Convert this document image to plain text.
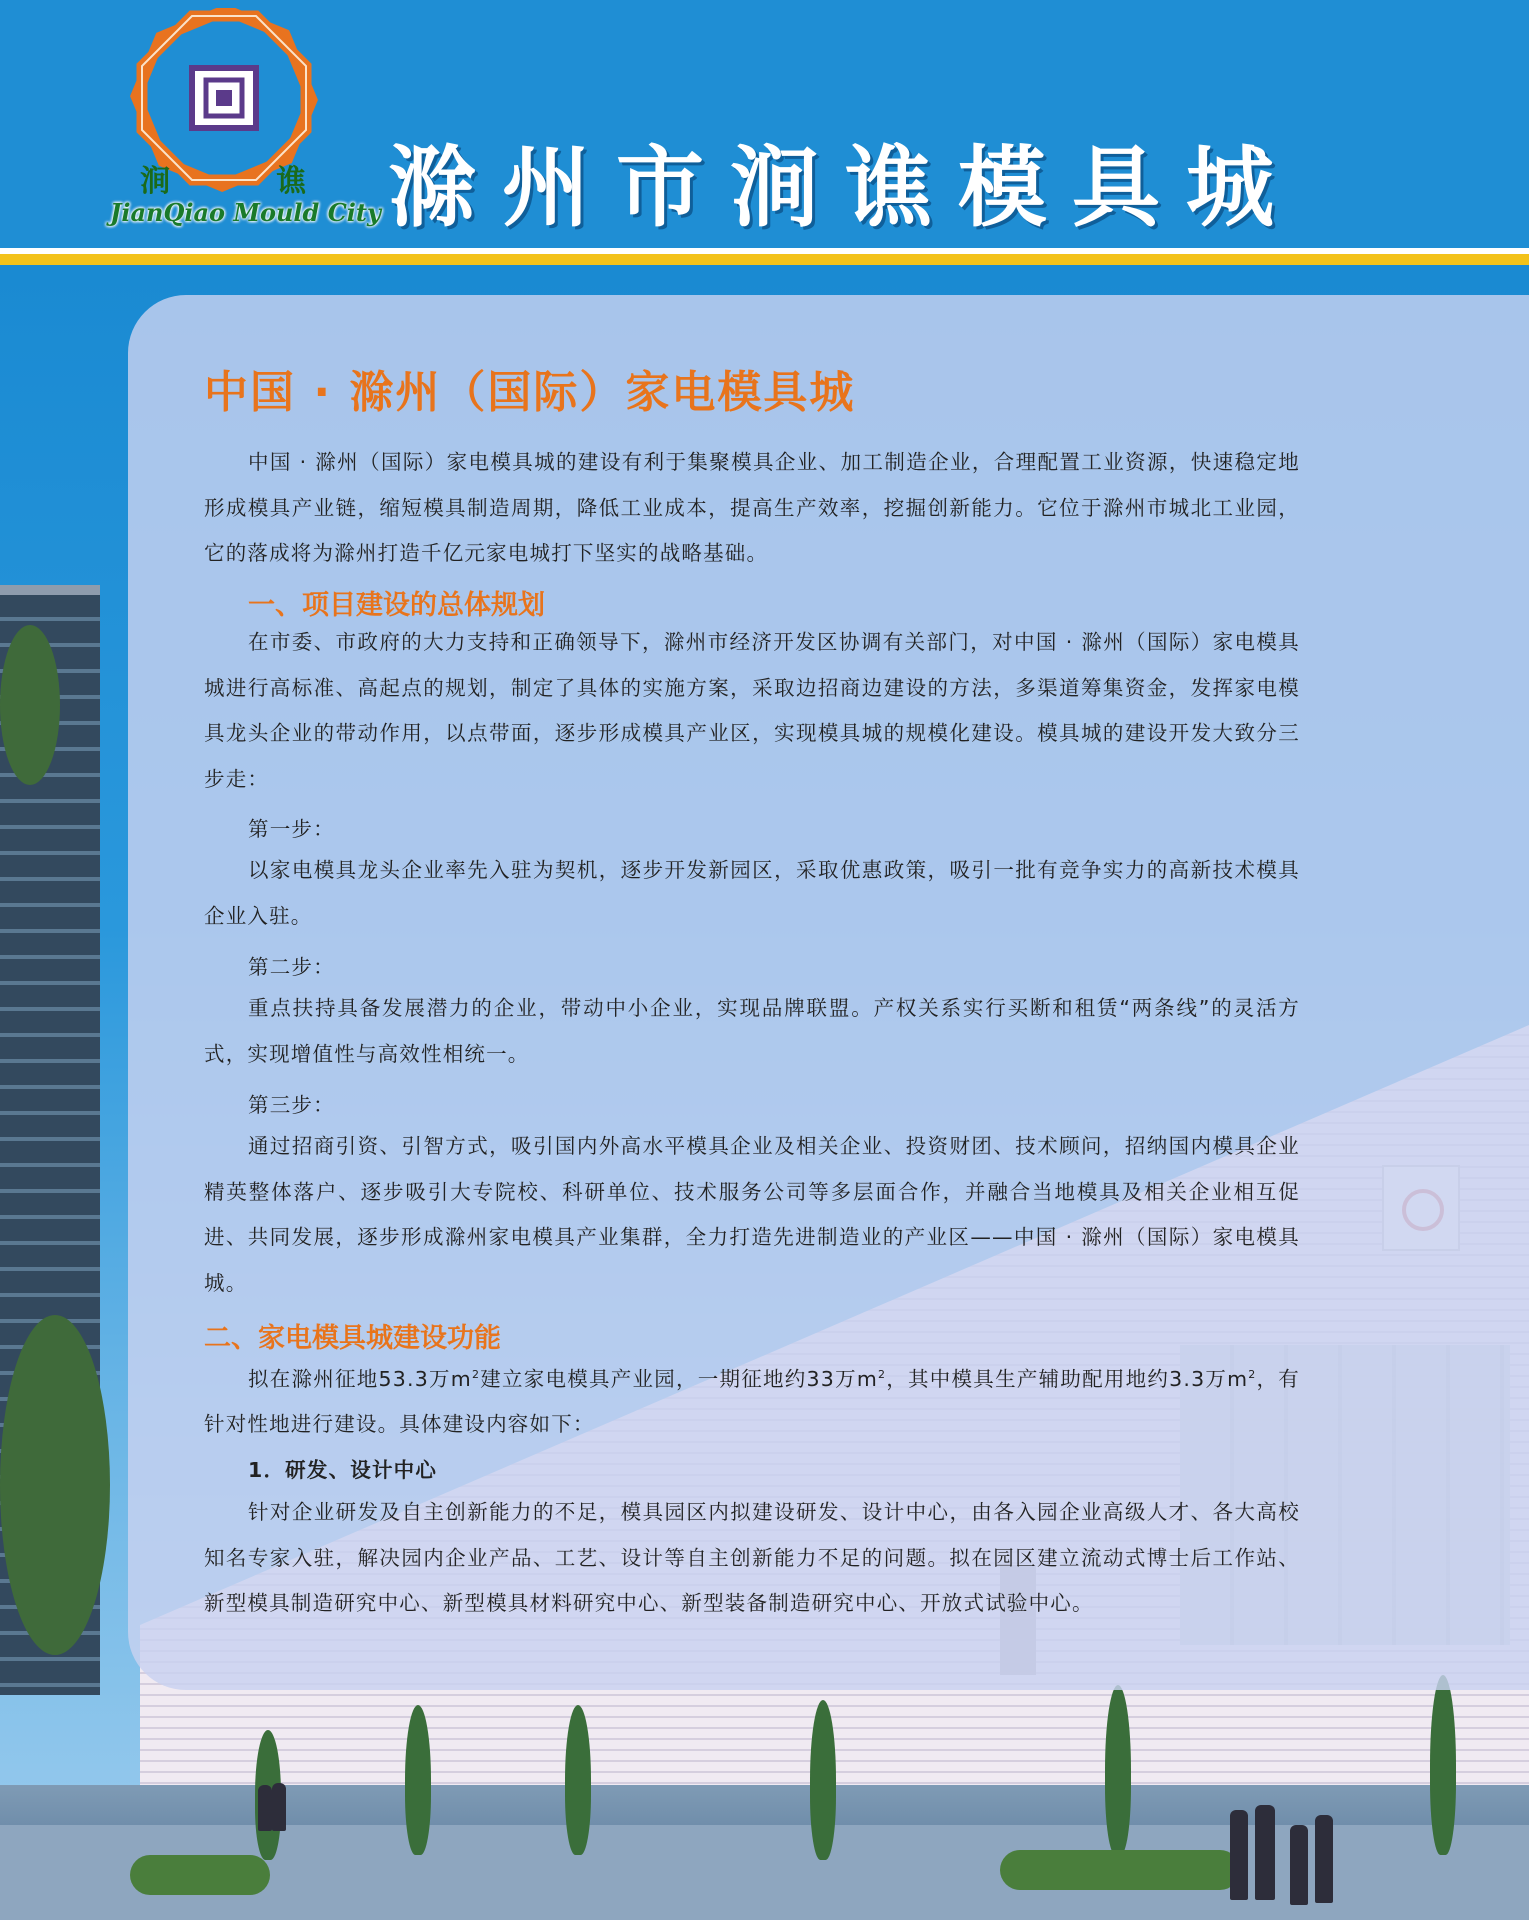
涧	谯
JianQiao Mould City 滁州市涧谯模具城
中国 · 滁州（国际）家电模具城
中国 · 滁州（国际）家电模具城的建设有利于集聚模具企业、加工制造企业，合理配置工业资源，快速稳定地形成模具产业链，缩短模具制造周期，降低工业成本，提高生产效率，挖掘创新能力。它位于滁州市城北工业园，它的落成将为滁州打造千亿元家电城打下坚实的战略基础。
一、项目建设的总体规划
在市委、市政府的大力支持和正确领导下，滁州市经济开发区协调有关部门，对中国 · 滁州（国际）家电模具城进行高标准、高起点的规划，制定了具体的实施方案，采取边招商边建设的方法，多渠道筹集资金，发挥家电模具龙头企业的带动作用，以点带面，逐步形成模具产业区，实现模具城的规模化建设。模具城的建设开发大致分三步走：
第一步：
以家电模具龙头企业率先入驻为契机，逐步开发新园区，采取优惠政策，吸引一批有竞争实力的高新技术模具企业入驻。
第二步：
重点扶持具备发展潜力的企业，带动中小企业，实现品牌联盟。产权关系实行买断和租赁“两条线”的灵活方式，实现增值性与高效性相统一。
第三步：
通过招商引资、引智方式，吸引国内外高水平模具企业及相关企业、投资财团、技术顾问，招纳国内模具企业精英整体落户、逐步吸引大专院校、科研单位、技术服务公司等多层面合作，并融合当地模具及相关企业相互促进、共同发展，逐步形成滁州家电模具产业集群，全力打造先进制造业的产业区——中国 · 滁州（国际）家电模具城。
二、家电模具城建设功能
拟在滁州征地53.3万$m^2$建立家电模具产业园，一期征地约33万$m^2$，其中模具生产辅助配用地约3.3万$m^2$，有针对性地进行建设。具体建设内容如下：
1．研发、设计中心
针对企业研发及自主创新能力的不足，模具园区内拟建设研发、设计中心，由各入园企业高级人才、各大高校知名专家入驻，解决园内企业产品、工艺、设计等自主创新能力不足的问题。拟在园区建立流动式博士后工作站、新型模具制造研究中心、新型模具材料研究中心、新型装备制造研究中心、开放式试验中心。
